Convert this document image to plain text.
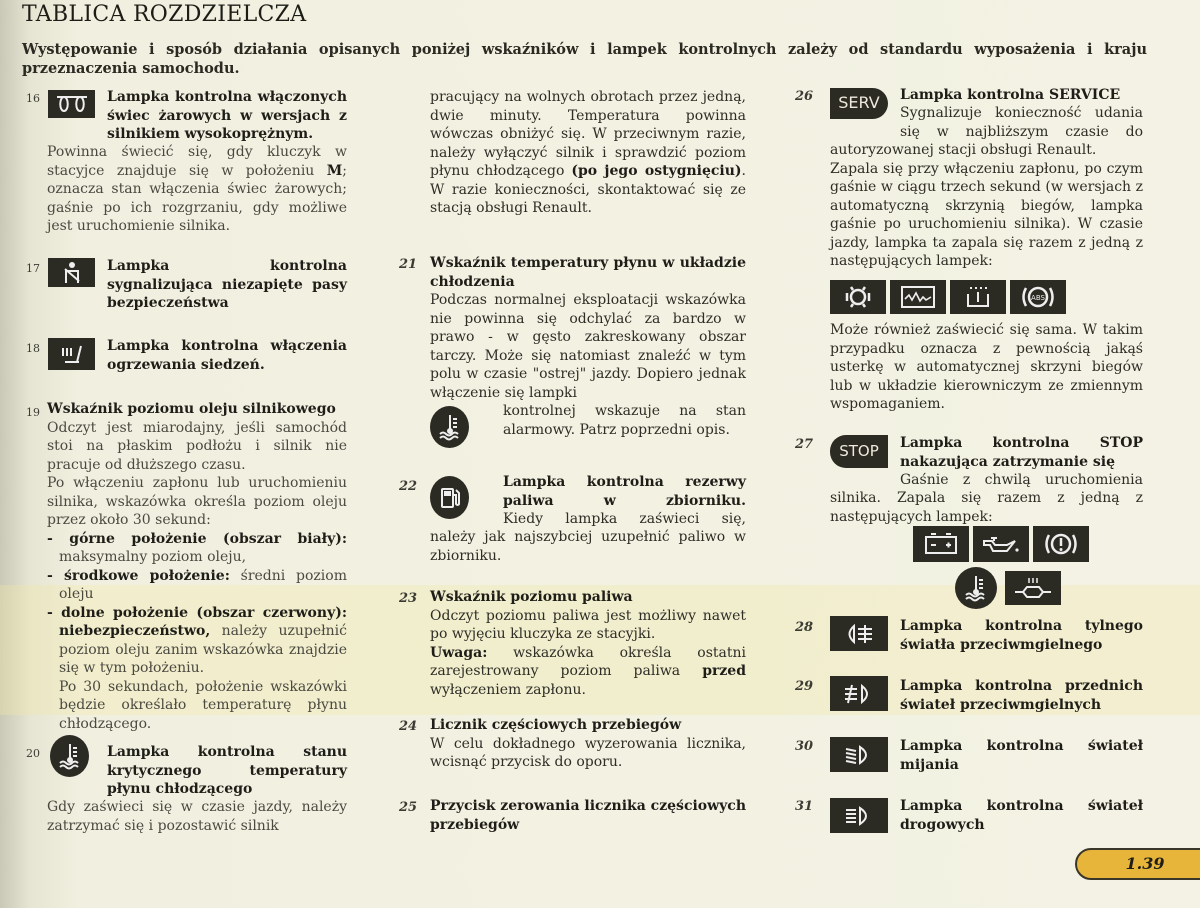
TABLICA ROZDZIELCZA
Występowanie i sposób działania opisanych poniżej wskaźników i lampek kontrolnych zależy od standardu wyposażenia i kraju przeznaczenia samochodu.
16	Lampka kontrolna włączonych świec żarowych w wersjach z silnikiem wysokoprężnym.
Powinna świecić się, gdy kluczyk w stacyjce znajduje się w położeniu M; oznacza stan włączenia świec żarowych; gaśnie po ich rozgrzaniu, gdy możliwe jest uruchomienie silnika.
17	Lampka kontrolna sygnalizująca niezapięte pasy bezpieczeństwa
18	Lampka kontrolna włączenia ogrzewania siedzeń.
19 Wskaźnik poziomu oleju silnikowego
Odczyt jest miarodajny, jeśli samochód stoi na płaskim podłożu i silnik nie pracuje od dłuższego czasu.
Po włączeniu zapłonu lub uruchomieniu silnika, wskazówka określa poziom oleju przez około 30 sekund:
- górne położenie (obszar biały): maksymalny poziom oleju,
- środkowe położenie: średni poziom oleju
- dolne położenie (obszar czerwony): niebezpieczeństwo, należy uzupełnić poziom oleju zanim wskazówka znajdzie się w tym położeniu.
Po 30 sekundach, położenie wskazówki będzie określało temperaturę płynu chłodzącego.
20	Lampka kontrolna stanu krytycznego temperatury płynu chłodzącego
Gdy zaświeci się w czasie jazdy, należy zatrzymać się i pozostawić silnik
pracujący na wolnych obrotach przez jedną, dwie minuty. Temperatura powinna wówczas obniżyć się. W przeciwnym razie, należy wyłączyć silnik i sprawdzić poziom płynu chłodzącego (po jego ostygnięciu). W razie konieczności, skontaktować się ze stacją obsługi Renault.
21 Wskaźnik temperatury płynu w układzie chłodzenia
Podczas normalnej eksploatacji wskazówka nie powinna się odchylać za bardzo w prawo - w gęsto zakreskowany obszar tarczy. Może się natomiast znaleźć w tym polu w czasie "ostrej" jazdy. Dopiero jednak włączenie się lampki
kontrolnej wskazuje na stan alarmowy. Patrz poprzedni opis.
22	Lampka kontrolna rezerwy paliwa w zbiorniku.
Kiedy lampka zaświeci się,
należy jak najszybciej uzupełnić paliwo w zbiorniku.
23 Wskaźnik poziomu paliwa
Odczyt poziomu paliwa jest możliwy nawet po wyjęciu kluczyka ze stacyjki.
Uwaga: wskazówka określa ostatni zarejestrowany poziom paliwa przed wyłączeniem zapłonu.
24 Licznik częściowych przebiegów
W celu dokładnego wyzerowania licznika, wcisnąć przycisk do oporu.
25 Przycisk zerowania licznika częściowych przebiegów
26	SERV	Lampka kontrolna SERVICE
Sygnalizuje konieczność udania się w najbliższym czasie do
autoryzowanej stacji obsługi Renault.
Zapala się przy włączeniu zapłonu, po czym gaśnie w ciągu trzech sekund (w wersjach z automatyczną skrzynią biegów, lampka gaśnie po uruchomieniu silnika). W czasie jazdy, lampka ta zapala się razem z jedną z następujących lampek:
ABS
Może również zaświecić się sama. W takim przypadku oznacza z pewnością jakąś usterkę w automatycznej skrzyni biegów lub w układzie kierowniczym ze zmiennym wspomaganiem.
27	STOP	Lampka kontrolna STOP nakazująca zatrzymanie się
Gaśnie z chwilą uruchomienia
silnika. Zapala się razem z jedną z następujących lampek:
28	Lampka kontrolna tylnego światła przeciwmgielnego
29	Lampka kontrolna przednich świateł przeciwmgielnych
30	Lampka kontrolna świateł mijania
31	Lampka kontrolna świateł drogowych
1.39
